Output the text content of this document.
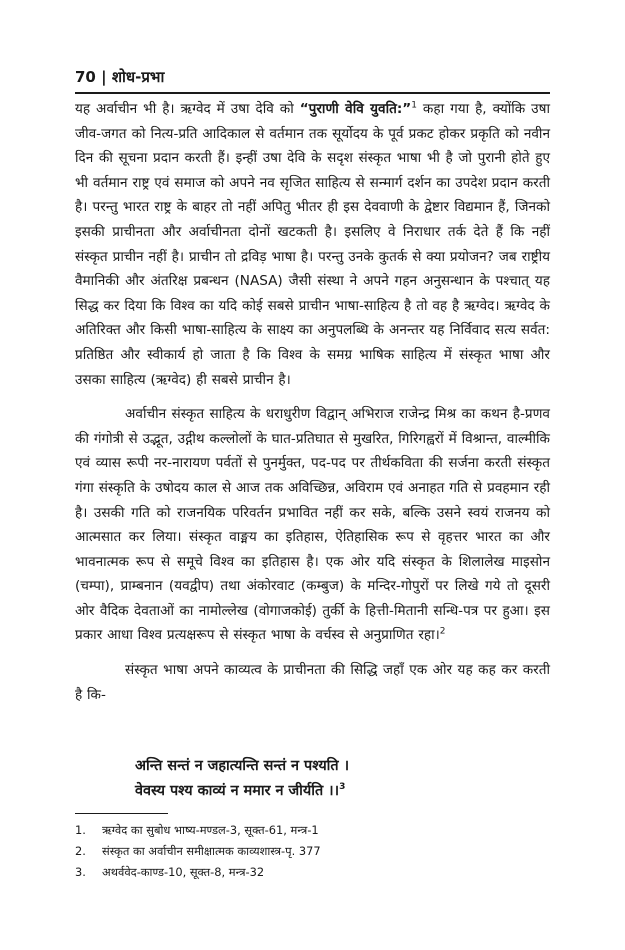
70 | शोध-प्रभा

यह अर्वाचीन भी है। ऋग्वेद में उषा देवि को “पुराणी वेवि युवति:”$^1$ कहा गया है, क्योंकि उषा जीव-जगत को नित्य-प्रति आदिकाल से वर्तमान तक सूर्योदय के पूर्व प्रकट होकर प्रकृति को नवीन दिन की सूचना प्रदान करती हैं। इन्हीं उषा देवि के सदृश संस्कृत भाषा भी है जो पुरानी होते हुए भी वर्तमान राष्ट्र एवं समाज को अपने नव सृजित साहित्य से सन्मार्ग दर्शन का उपदेश प्रदान करती है। परन्तु भारत राष्ट्र के बाहर तो नहीं अपितु भीतर ही इस देववाणी के द्वेष्टार विद्यमान हैं, जिनको इसकी प्राचीनता और अर्वाचीनता दोनों खटकती है। इसलिए वे निराधार तर्क देते हैं कि नहीं संस्कृत प्राचीन नहीं है। प्राचीन तो द्रविड़ भाषा है। परन्तु उनके कुतर्क से क्या प्रयोजन? जब राष्ट्रीय वैमानिकी और अंतरिक्ष प्रबन्धन (NASA) जैसी संस्था ने अपने गहन अनुसन्धान के पश्चात् यह सिद्ध कर दिया कि विश्व का यदि कोई सबसे प्राचीन भाषा-साहित्य है तो वह है ऋग्वेद। ऋग्वेद के अतिरिक्त और किसी भाषा-साहित्य के साक्ष्य का अनुपलब्धि के अनन्तर यह निर्विवाद सत्य सर्वत: प्रतिष्ठित और स्वीकार्य हो जाता है कि विश्व के समग्र भाषिक साहित्य में संस्कृत भाषा और उसका साहित्य (ऋग्वेद) ही सबसे प्राचीन है।

अर्वाचीन संस्कृत साहित्य के धराधुरीण विद्वान् अभिराज राजेन्द्र मिश्र का कथन है-प्रणव की गंगोत्री से उद्भूत, उद्गीथ कल्लोलों के घात-प्रतिघात से मुखरित, गिरिगह्वरों में विश्रान्त, वाल्मीकि एवं व्यास रूपी नर-नारायण पर्वतों से पुनर्मुक्त, पद-पद पर तीर्थकविता की सर्जना करती संस्कृत गंगा संस्कृति के उषोदय काल से आज तक अविच्छिन्न, अविराम एवं अनाहत गति से प्रवहमान रही है। उसकी गति को राजनयिक परिवर्तन प्रभावित नहीं कर सके, बल्कि उसने स्वयं राजनय को आत्मसात कर लिया। संस्कृत वाङ्मय का इतिहास, ऐतिहासिक रूप से वृहत्तर भारत का और भावनात्मक रूप से समूचे विश्व का इतिहास है। एक ओर यदि संस्कृत के शिलालेख माइसोन (चम्पा), प्राम्बनान (यवद्वीप) तथा अंकोरवाट (कम्बुज) के मन्दिर-गोपुरों पर लिखे गये तो दूसरी ओर वैदिक देवताओं का नामोल्लेख (वोगाजकोई) तुर्की के हित्ती-मितानी सन्धि-पत्र पर हुआ। इस प्रकार आधा विश्व प्रत्यक्षरूप से संस्कृत भाषा के वर्चस्व से अनुप्राणित रहा।$^2$

संस्कृत भाषा अपने काव्यत्व के प्राचीनता की सिद्धि जहाँ एक ओर यह कह कर करती है कि-

अन्ति सन्तं न जहात्यन्ति सन्तं न पश्यति ।
वेवस्य पश्य काव्यं न ममार न जीर्यति ।।$^3$
1. ऋग्वेद का सुबोध भाष्य-मण्डल-3, सूक्त-61, मन्त्र-1
2. संस्कृत का अर्वाचीन समीक्षात्मक काव्यशास्त्र-पृ. 377
3. अथर्ववेद-काण्ड-10, सूक्त-8, मन्त्र-32
